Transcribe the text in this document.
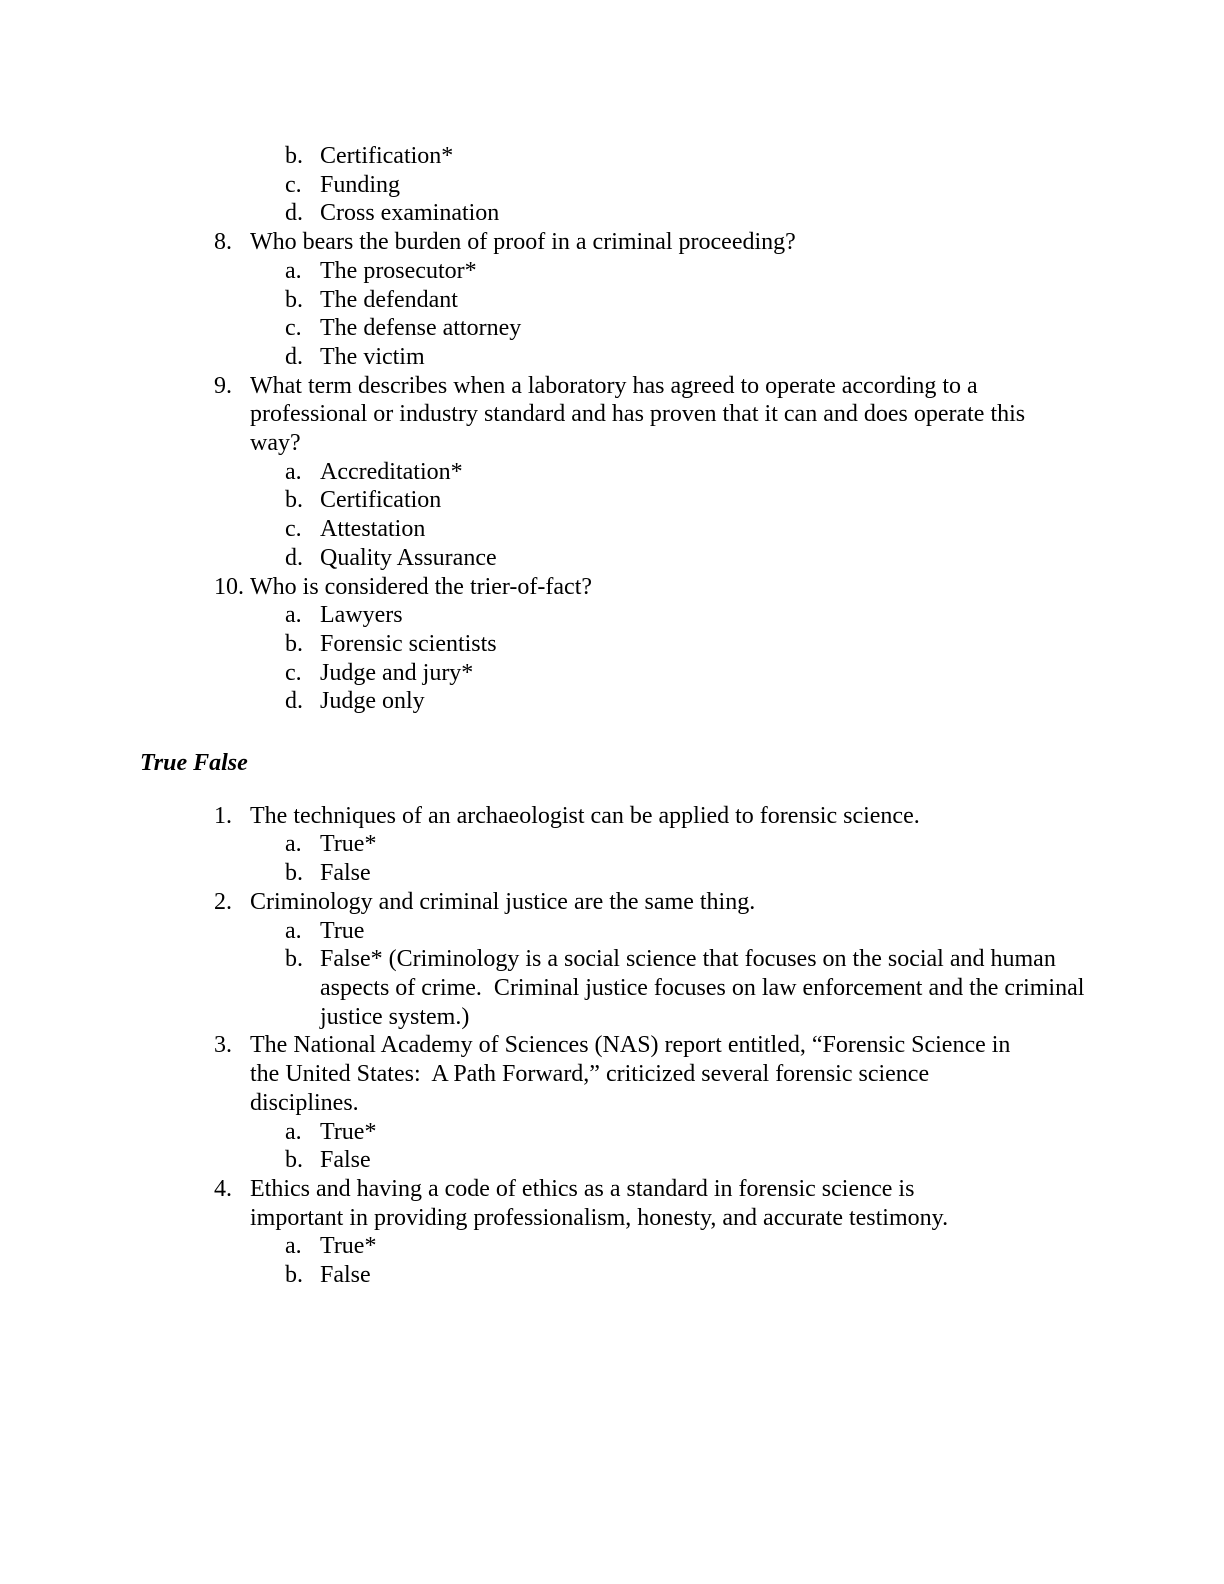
b. Certification*
c. Funding
d. Cross examination
8. Who bears the burden of proof in a criminal proceeding?
a. The prosecutor*
b. The defendant
c. The defense attorney
d. The victim
9. What term describes when a laboratory has agreed to operate according to a
professional or industry standard and has proven that it can and does operate this
way?
a. Accreditation*
b. Certification
c. Attestation
d. Quality Assurance
10. Who is considered the trier-of-fact?
a. Lawyers
b. Forensic scientists
c. Judge and jury*
d. Judge only
True False
1. The techniques of an archaeologist can be applied to forensic science.
a. True*
b. False
2. Criminology and criminal justice are the same thing.
a. True
b. False* (Criminology is a social science that focuses on the social and human
aspects of crime.  Criminal justice focuses on law enforcement and the criminal
justice system.)
3. The National Academy of Sciences (NAS) report entitled, “Forensic Science in
the United States:  A Path Forward,” criticized several forensic science
disciplines.
a. True*
b. False
4. Ethics and having a code of ethics as a standard in forensic science is
important in providing professionalism, honesty, and accurate testimony.
a. True*
b. False
